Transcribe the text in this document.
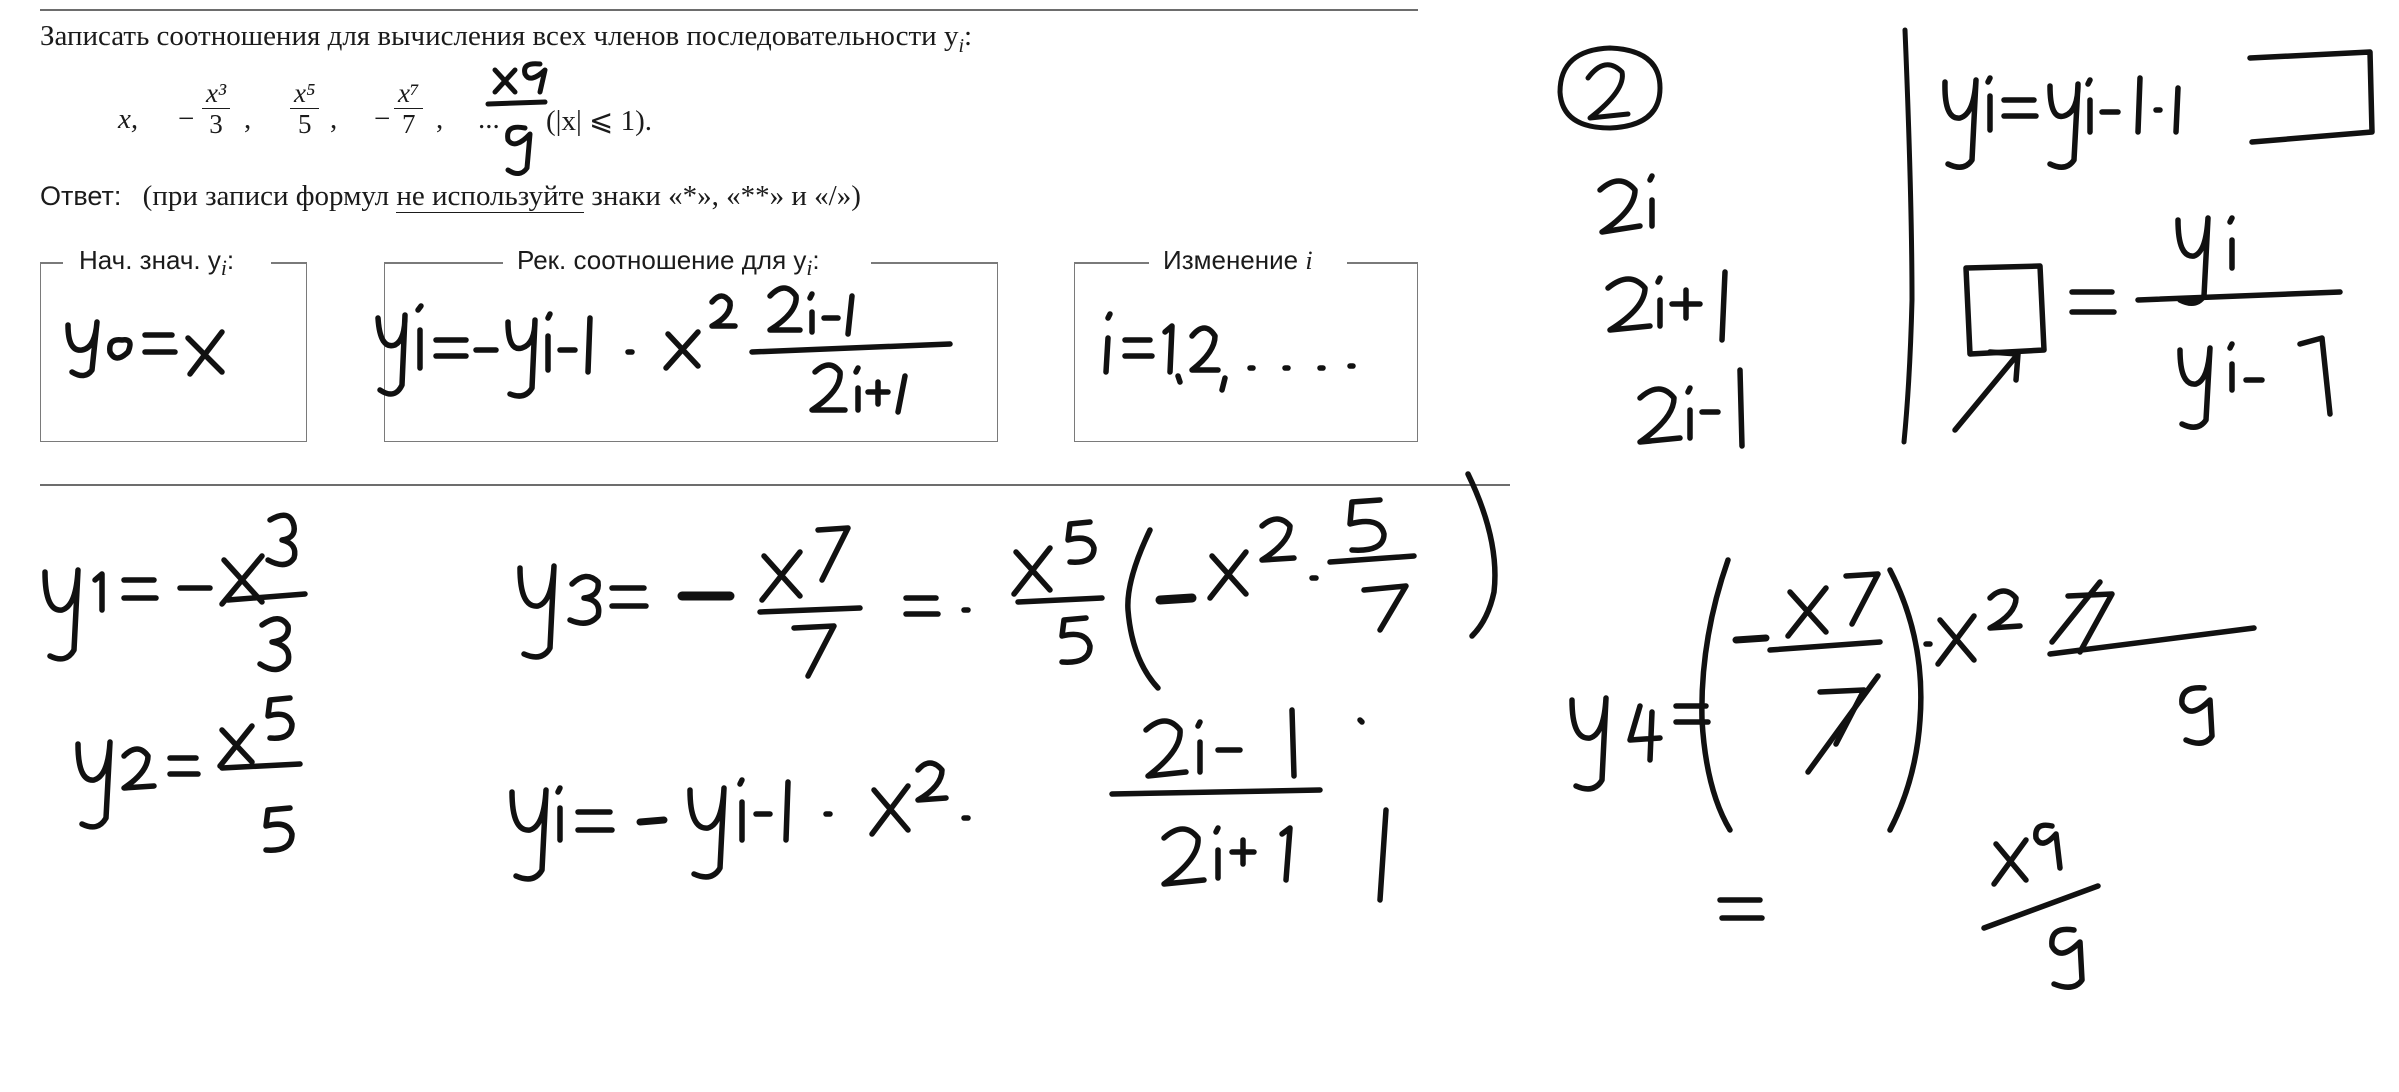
Записать соотношения для вычисления всех членов последовательности $y_i$:
x, − $\frac{\text{x³}}{3}$ , $\frac{\text{x⁵}}{5}$ , − $\frac{\text{x⁷}}{7}$ , ... (|x| ⩽ 1).
Ответ: (при записи формул не используйте знаки «*», «**» и «/»)
Нач. знач. $y_i$:	Рек. соотношение для $y_i$:	Изменение i
